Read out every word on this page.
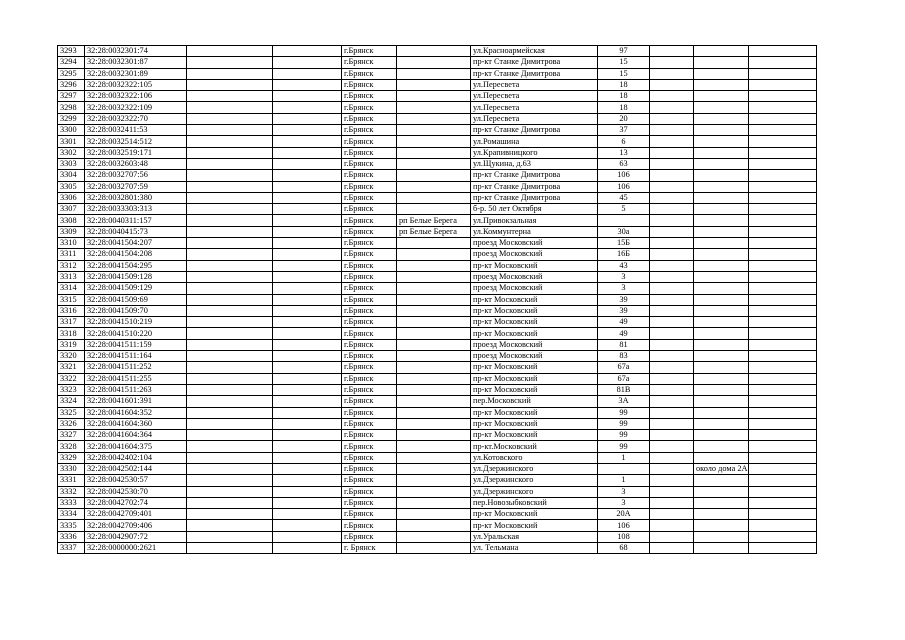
3293	32:28:0032301:74			г.Брянск		ул.Красноармейская	97			
3294	32:28:0032301:87			г.Брянск		пр-кт Станке Димитрова	15			
3295	32:28:0032301:89			г.Брянск		пр-кт Станке Димитрова	15			
3296	32:28:0032322:105			г.Брянск		ул.Пересвета	18			
3297	32:28:0032322:106			г.Брянск		ул.Пересвета	18			
3298	32:28:0032322:109			г.Брянск		ул.Пересвета	18			
3299	32:28:0032322:70			г.Брянск		ул.Пересвета	20			
3300	32:28:0032411:53			г.Брянск		пр-кт Станке Димитрова	37			
3301	32:28:0032514:512			г.Брянск		ул.Ромашина	6			
3302	32:28:0032519:171			г.Брянск		ул.Крапивницкого	13			
3303	32:28:0032603:48			г.Брянск		ул.Щукина, д.63	63			
3304	32:28:0032707:56			г.Брянск		пр-кт Станке Димитрова	106			
3305	32:28:0032707:59			г.Брянск		пр-кт Станке Димитрова	106			
3306	32:28:0032801:380			г.Брянск		пр-кт Станке Димитрова	45			
3307	32:28:0033303:313			г.Брянск		б-р. 50 лет Октября	5			
3308	32:28:0040311:157			г.Брянск	рп Белые Берега	ул.Привокзальная				
3309	32:28:0040415:73			г.Брянск	рп Белые Берега	ул.Коммунтерна	30а			
3310	32:28:0041504:207			г.Брянск		проезд Московский	15Б			
3311	32:28:0041504:208			г.Брянск		проезд Московский	16Б			
3312	32:28:0041504:295			г.Брянск		пр-кт Московский	43			
3313	32:28:0041509:128			г.Брянск		проезд Московский	3			
3314	32:28:0041509:129			г.Брянск		проезд Московский	3			
3315	32:28:0041509:69			г.Брянск		пр-кт Московский	39			
3316	32:28:0041509:70			г.Брянск		пр-кт Московский	39			
3317	32:28:0041510:219			г.Брянск		пр-кт Московский	49			
3318	32:28:0041510:220			г.Брянск		пр-кт Московский	49			
3319	32:28:0041511:159			г.Брянск		проезд Московский	81			
3320	32:28:0041511:164			г.Брянск		проезд Московский	83			
3321	32:28:0041511:252			г.Брянск		пр-кт Московский	67а			
3322	32:28:0041511:255			г.Брянск		пр-кт Московский	67а			
3323	32:28:0041511:263			г.Брянск		пр-кт Московский	81В			
3324	32:28:0041601:391			г.Брянск		пер.Московский	3А			
3325	32:28:0041604:352			г.Брянск		пр-кт Московский	99			
3326	32:28:0041604:360			г.Брянск		пр-кт Московский	99			
3327	32:28:0041604:364			г.Брянск		пр-кт Московский	99			
3328	32:28:0041604:375			г.Брянск		пр-кт.Московский	99			
3329	32:28:0042402:104			г.Брянск		ул.Котовского	1			
3330	32:28:0042502:144			г.Брянск		ул.Дзержинского			около дома 2А	
3331	32:28:0042530:57			г.Брянск		ул.Дзержинского	1			
3332	32:28:0042530:70			г.Брянск		ул.Дзержинского	3			
3333	32:28:0042702:74			г.Брянск		пер.Новозыбковский	3			
3334	32:28:0042709:401			г.Брянск		пр-кт Московский	20А			
3335	32:28:0042709:406			г.Брянск		пр-кт Московский	106			
3336	32:28:0042907:72			г.Брянск		ул.Уральская	108			
3337	32:28:0000000:2621			г. Брянск		ул. Тельмана	68			
